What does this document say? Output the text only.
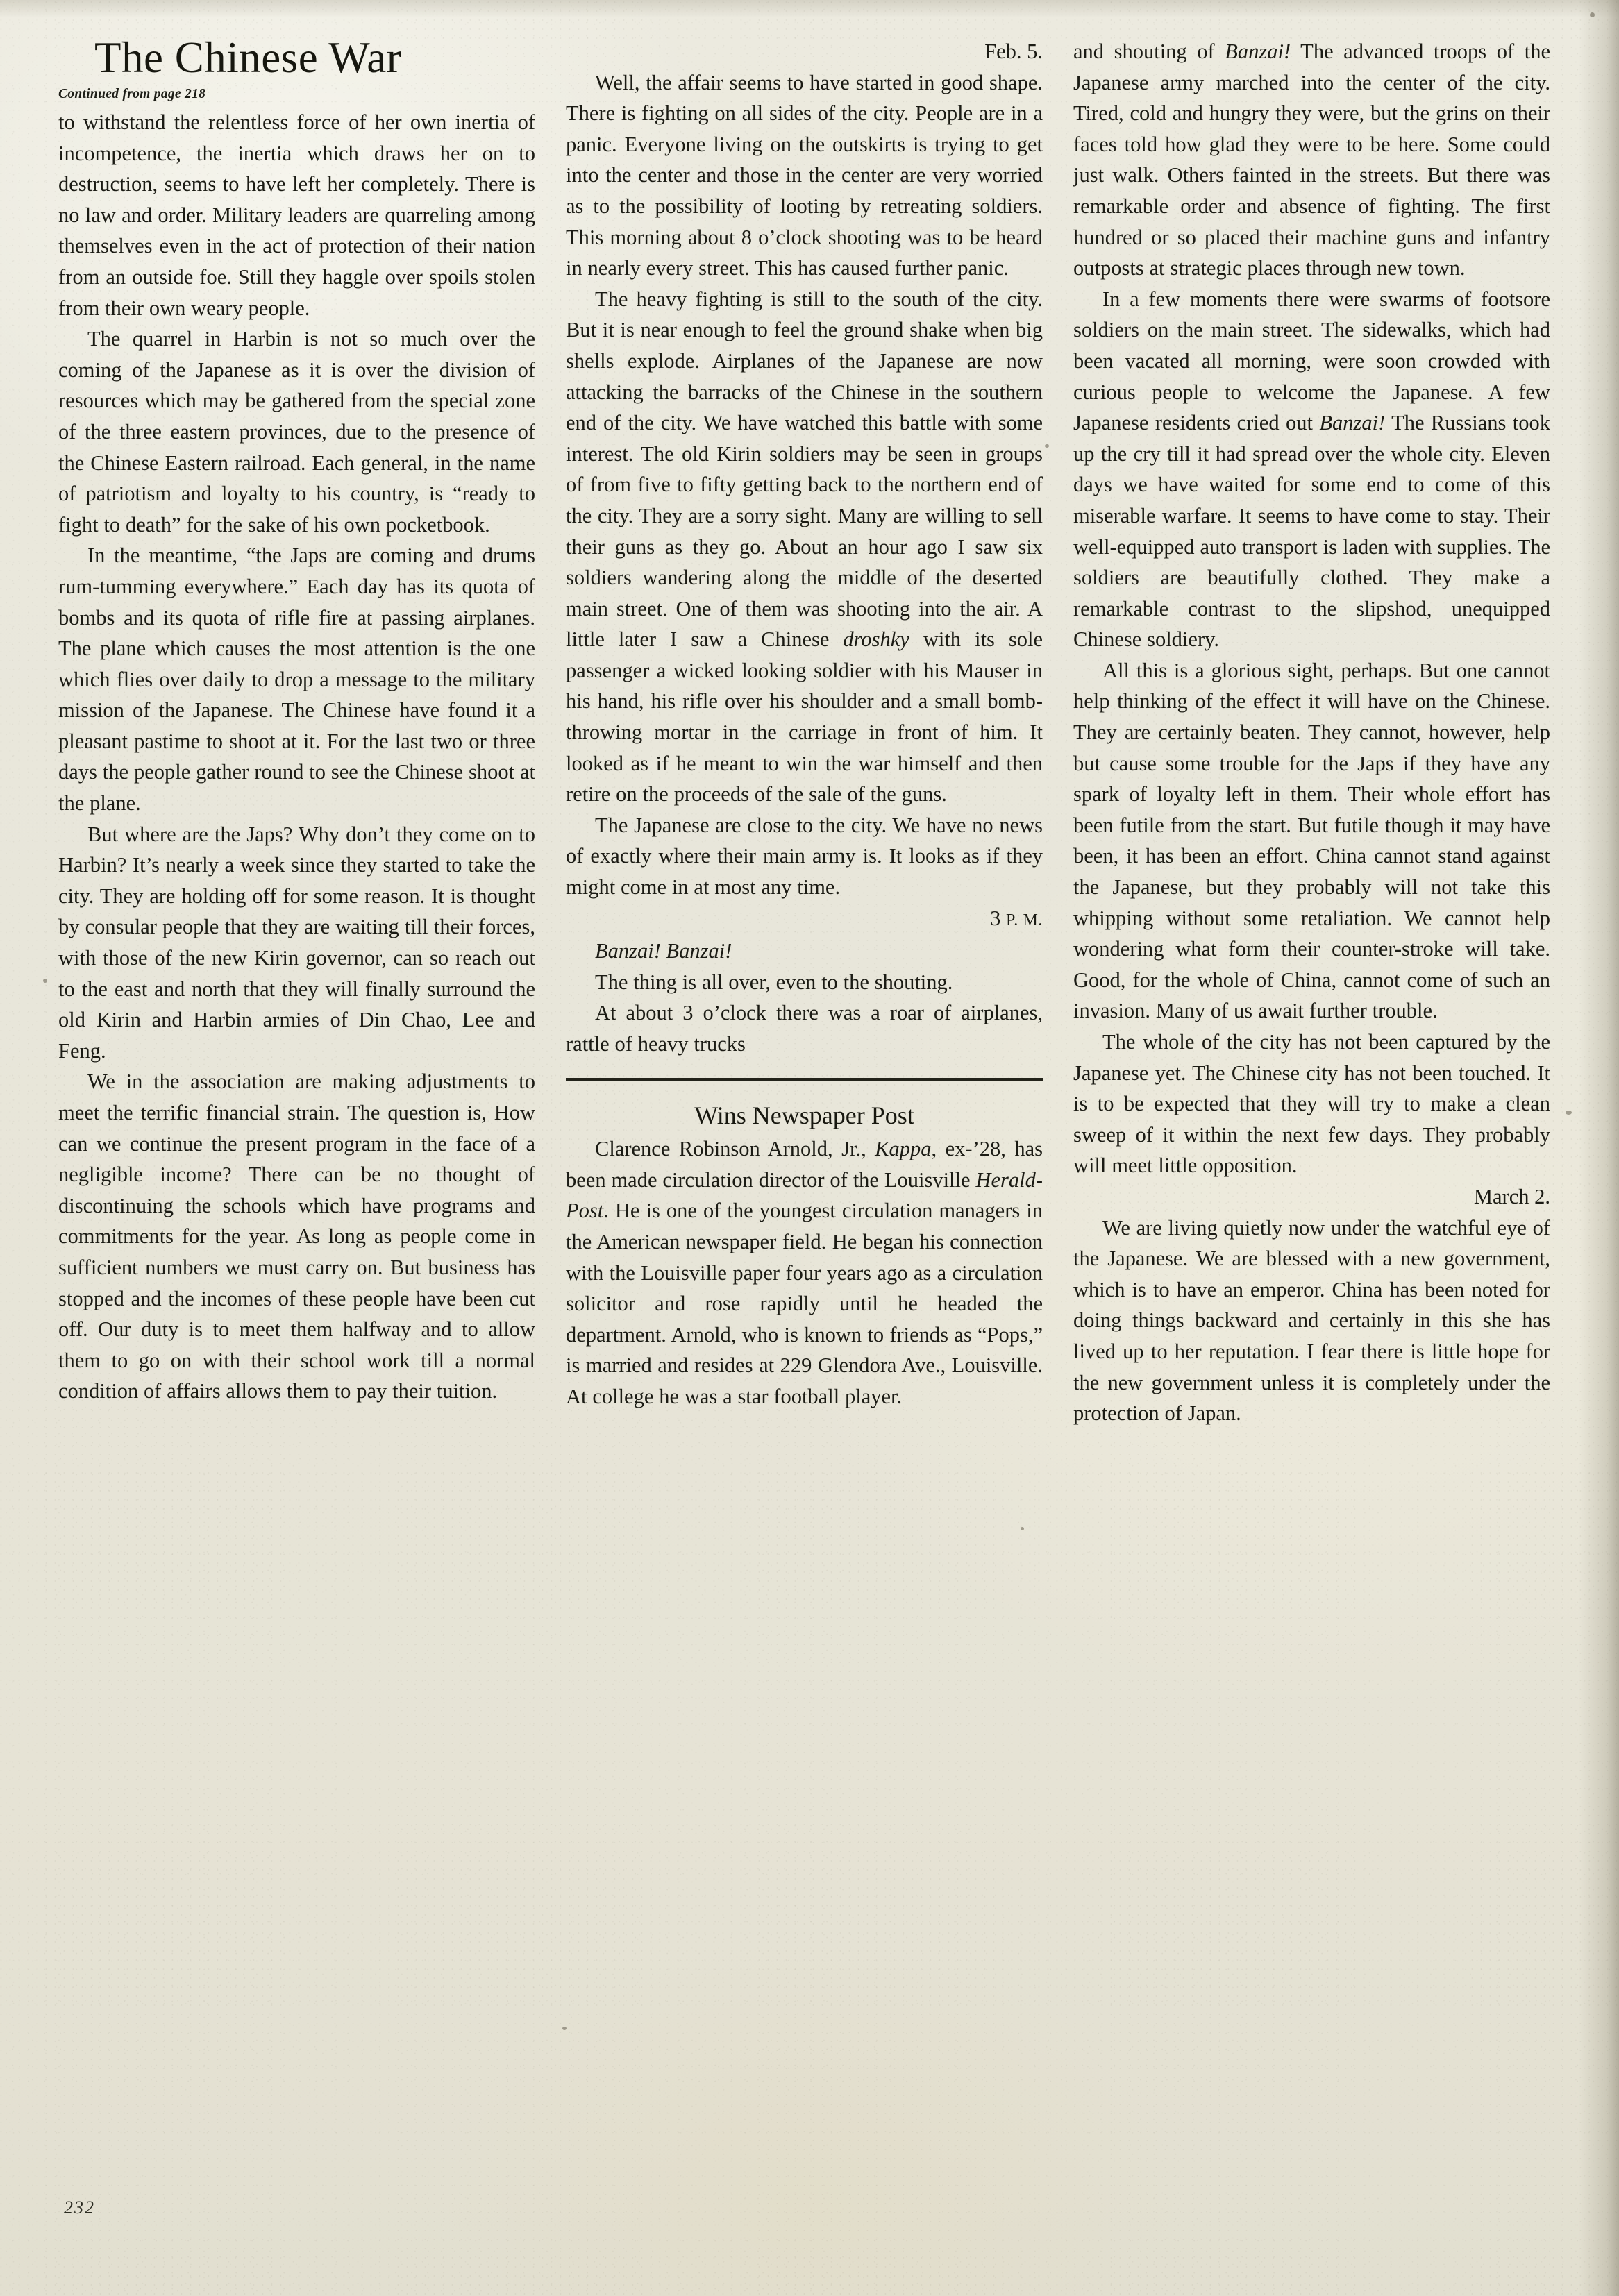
The Chinese War

Continued from page 218

to withstand the relentless force of her own inertia of incompetence, the inertia which draws her on to destruction, seems to have left her completely. There is no law and order. Military leaders are quarreling among themselves even in the act of protection of their nation from an outside foe. Still they haggle over spoils stolen from their own weary people.

The quarrel in Harbin is not so much over the coming of the Japanese as it is over the division of resources which may be gathered from the special zone of the three eastern provinces, due to the presence of the Chinese Eastern railroad. Each general, in the name of patriotism and loyalty to his country, is “ready to fight to death” for the sake of his own pocketbook.

In the meantime, “the Japs are coming and drums rum-tumming everywhere.” Each day has its quota of bombs and its quota of rifle fire at passing airplanes. The plane which causes the most attention is the one which flies over daily to drop a message to the military mission of the Japanese. The Chinese have found it a pleasant pastime to shoot at it. For the last two or three days the people gather round to see the Chinese shoot at the plane.

But where are the Japs? Why don’t they come on to Harbin? It’s nearly a week since they started to take the city. They are holding off for some reason. It is thought by consular people that they are waiting till their forces, with those of the new Kirin governor, can so reach out to the east and north that they will finally surround the old Kirin and Harbin armies of Din Chao, Lee and Feng.

We in the association are making adjustments to meet the terrific financial strain. The question is, How can we continue the present program in the face of a negligible income? There can be no thought of discontinuing the schools which have programs and commitments for the year. As long as people come in sufficient numbers we must carry on. But business has stopped and the incomes of these people have been cut off. Our duty is to meet them halfway and to allow them to go on with their school work till a normal condition of affairs allows them to pay their tuition.

Feb. 5.

Well, the affair seems to have started in good shape. There is fighting on all sides of the city. People are in a panic. Everyone living on the outskirts is trying to get into the center and those in the center are very worried as to the possibility of looting by retreating soldiers. This morning about 8 o’clock shooting was to be heard in nearly every street. This has caused further panic.

The heavy fighting is still to the south of the city. But it is near enough to feel the ground shake when big shells explode. Airplanes of the Japanese are now attacking the barracks of the Chinese in the southern end of the city. We have watched this battle with some interest. The old Kirin soldiers may be seen in groups of from five to fifty getting back to the northern end of the city. They are a sorry sight. Many are willing to sell their guns as they go. About an hour ago I saw six soldiers wandering along the middle of the deserted main street. One of them was shooting into the air. A little later I saw a Chinese droshky with its sole passenger a wicked looking soldier with his Mauser in his hand, his rifle over his shoulder and a small bomb-throwing mortar in the carriage in front of him. It looked as if he meant to win the war himself and then retire on the proceeds of the sale of the guns.

The Japanese are close to the city. We have no news of exactly where their main army is. It looks as if they might come in at most any time.

3 P. M.

Banzai! Banzai!

The thing is all over, even to the shouting.

At about 3 o’clock there was a roar of airplanes, rattle of heavy trucks

Wins Newspaper Post

Clarence Robinson Arnold, Jr., Kappa, ex-’28, has been made circulation director of the Louisville Herald-Post. He is one of the youngest circulation managers in the American newspaper field. He began his connection with the Louisville paper four years ago as a circulation solicitor and rose rapidly until he headed the department. Arnold, who is known to friends as “Pops,” is married and resides at 229 Glendora Ave., Louisville. At college he was a star football player.

and shouting of Banzai! The advanced troops of the Japanese army marched into the center of the city. Tired, cold and hungry they were, but the grins on their faces told how glad they were to be here. Some could just walk. Others fainted in the streets. But there was remarkable order and absence of fighting. The first hundred or so placed their machine guns and infantry outposts at strategic places through new town.

In a few moments there were swarms of footsore soldiers on the main street. The sidewalks, which had been vacated all morning, were soon crowded with curious people to welcome the Japanese. A few Japanese residents cried out Banzai! The Russians took up the cry till it had spread over the whole city. Eleven days we have waited for some end to come of this miserable warfare. It seems to have come to stay. Their well-equipped auto transport is laden with supplies. The soldiers are beautifully clothed. They make a remarkable contrast to the slipshod, unequipped Chinese soldiery.

All this is a glorious sight, perhaps. But one cannot help thinking of the effect it will have on the Chinese. They are certainly beaten. They cannot, however, help but cause some trouble for the Japs if they have any spark of loyalty left in them. Their whole effort has been futile from the start. But futile though it may have been, it has been an effort. China cannot stand against the Japanese, but they probably will not take this whipping without some retaliation. We cannot help wondering what form their counter-stroke will take. Good, for the whole of China, cannot come of such an invasion. Many of us await further trouble.

The whole of the city has not been captured by the Japanese yet. The Chinese city has not been touched. It is to be expected that they will try to make a clean sweep of it within the next few days. They probably will meet little opposition.

March 2.

We are living quietly now under the watchful eye of the Japanese. We are blessed with a new government, which is to have an emperor. China has been noted for doing things backward and certainly in this she has lived up to her reputation. I fear there is little hope for the new government unless it is completely under the protection of Japan.

232
